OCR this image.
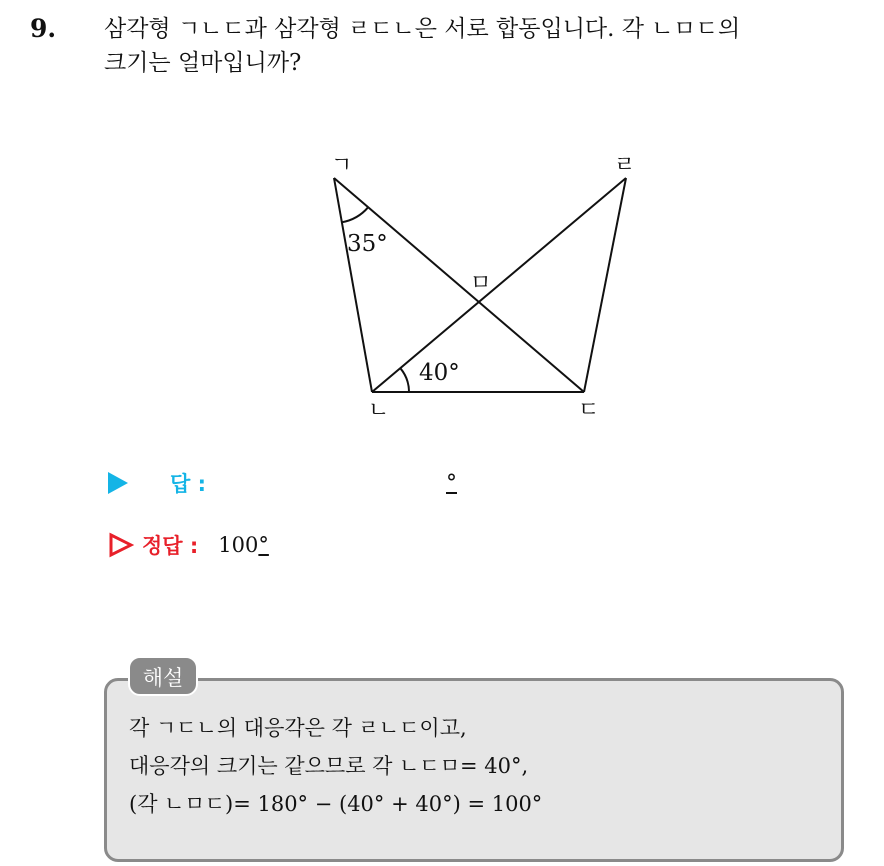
9. 삼각형 ㄱㄴㄷ과 삼각형 ㄹㄷㄴ은 서로 합동입니다. 각 ㄴㅁㄷ의
크기는 얼마입니까?
ㄱ	ㄹ
ㅁ
ㄴ	ㄷ
35°
40°
답 :	°
정답 : 100°
해설
각 ㄱㄷㄴ의 대응각은 각 ㄹㄴㄷ이고,
대응각의 크기는 같으므로 각 ㄴㄷㅁ= 40°,
(각 ㄴㅁㄷ)= 180° − (40° + 40°) = 100°
